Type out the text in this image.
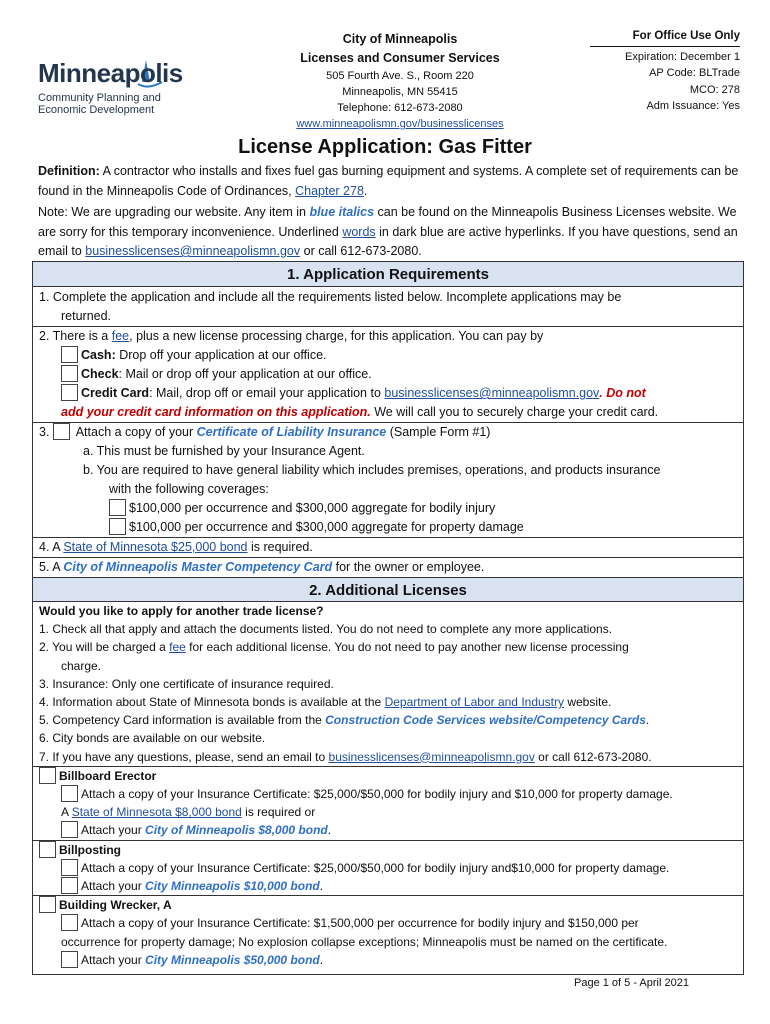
Minneapolis
Community Planning and
Economic Development
City of Minneapolis
Licenses and Consumer Services
505 Fourth Ave. S., Room 220
Minneapolis, MN 55415
Telephone: 612-673-2080
www.minneapolismn.gov/businesslicenses
For Office Use Only
Expiration: December 1
AP Code: BLTrade
MCO: 278
Adm Issuance: Yes
License Application: Gas Fitter
Definition: A contractor who installs and fixes fuel gas burning equipment and systems. A complete set of requirements can be found in the Minneapolis Code of Ordinances, Chapter 278.
Note: We are upgrading our website. Any item in blue italics can be found on the Minneapolis Business Licenses website. We are sorry for this temporary inconvenience. Underlined words in dark blue are active hyperlinks. If you have questions, send an email to businesslicenses@minneapolismn.gov or call 612-673-2080.
1. Application Requirements
1. Complete the application and include all the requirements listed below. Incomplete applications may be
returned.
2. There is a fee, plus a new license processing charge, for this application. You can pay by
Cash: Drop off your application at our office.
Check: Mail or drop off your application at our office.
Credit Card: Mail, drop off or email your application to businesslicenses@minneapolismn.gov. Do not
add your credit card information on this application. We will call you to securely charge your credit card.
3.  Attach a copy of your Certificate of Liability Insurance (Sample Form #1)
a. This must be furnished by your Insurance Agent.
b. You are required to have general liability which includes premises, operations, and products insurance
with the following coverages:
$100,000 per occurrence and $300,000 aggregate for bodily injury
$100,000 per occurrence and $300,000 aggregate for property damage
4. A State of Minnesota $25,000 bond is required.
5. A City of Minneapolis Master Competency Card for the owner or employee.
2. Additional Licenses
Would you like to apply for another trade license?
1. Check all that apply and attach the documents listed. You do not need to complete any more applications.
2. You will be charged a fee for each additional license. You do not need to pay another new license processing
charge.
3. Insurance: Only one certificate of insurance required.
4. Information about State of Minnesota bonds is available at the Department of Labor and Industry website.
5. Competency Card information is available from the Construction Code Services website/Competency Cards.
6. City bonds are available on our website.
7. If you have any questions, please, send an email to businesslicenses@minneapolismn.gov or call 612-673-2080.
Billboard Erector
Attach a copy of your Insurance Certificate: $25,000/$50,000 for bodily injury and $10,000 for property damage.
A State of Minnesota $8,000 bond is required or
Attach your City of Minneapolis $8,000 bond.
Billposting
Attach a copy of your Insurance Certificate: $25,000/$50,000 for bodily injury and$10,000 for property damage.
Attach your City Minneapolis $10,000 bond.
Building Wrecker, A
Attach a copy of your Insurance Certificate: $1,500,000 per occurrence for bodily injury and $150,000 per
occurrence for property damage; No explosion collapse exceptions; Minneapolis must be named on the certificate.
Attach your City Minneapolis $50,000 bond.
Page 1 of 5 - April 2021
